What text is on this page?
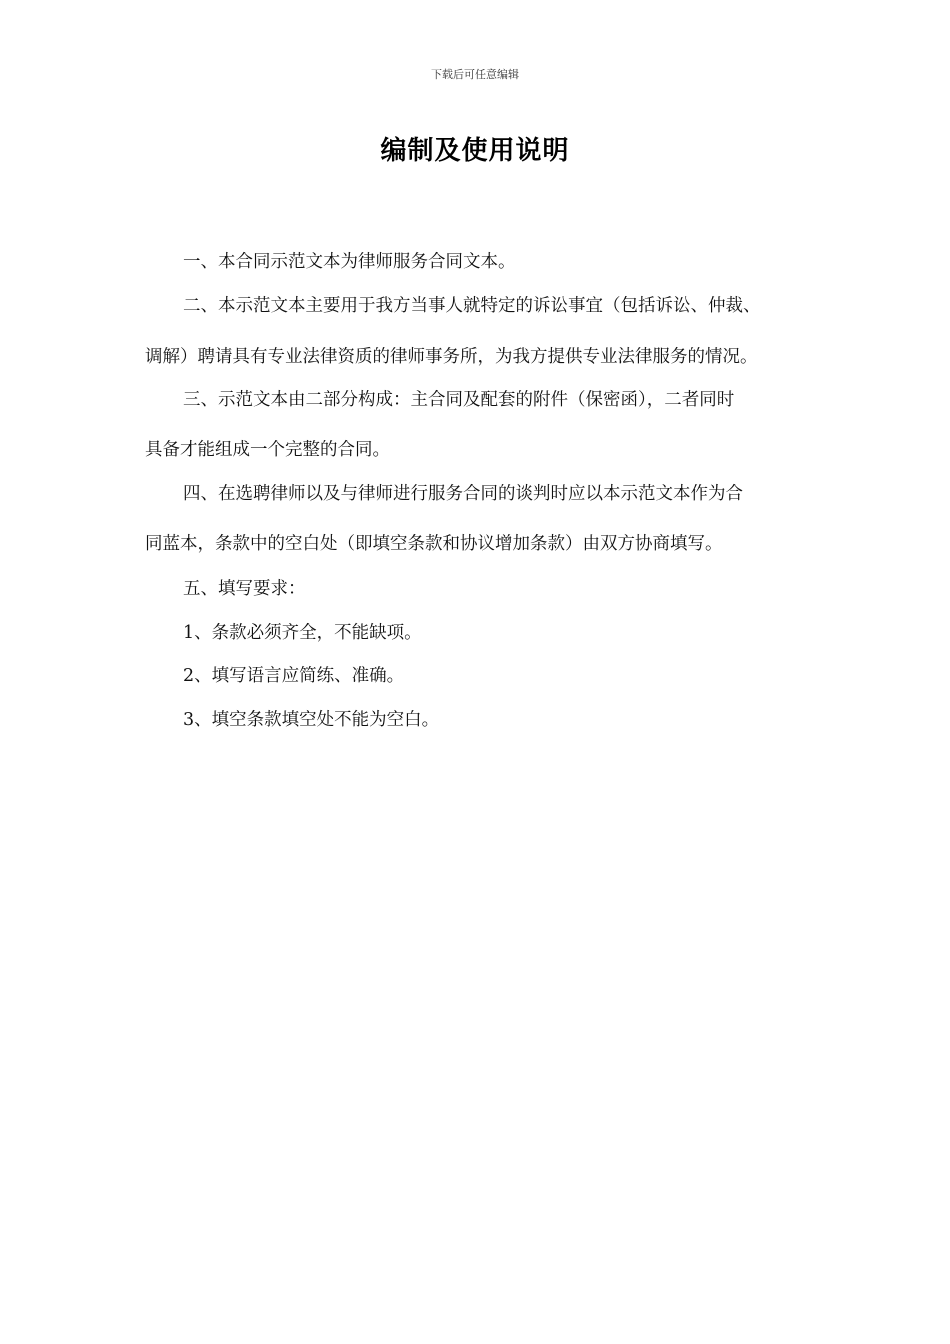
下载后可任意编辑
编制及使用说明
一、本合同示范文本为律师服务合同文本。
二、本示范文本主要用于我方当事人就特定的诉讼事宜（包括诉讼、仲裁、
调解）聘请具有专业法律资质的律师事务所，为我方提供专业法律服务的情况。
三、示范文本由二部分构成：主合同及配套的附件（保密函），二者同时
具备才能组成一个完整的合同。
四、在选聘律师以及与律师进行服务合同的谈判时应以本示范文本作为合
同蓝本，条款中的空白处（即填空条款和协议增加条款）由双方协商填写。
五、填写要求：
1、条款必须齐全，不能缺项。
2、填写语言应简练、准确。
3、填空条款填空处不能为空白。
